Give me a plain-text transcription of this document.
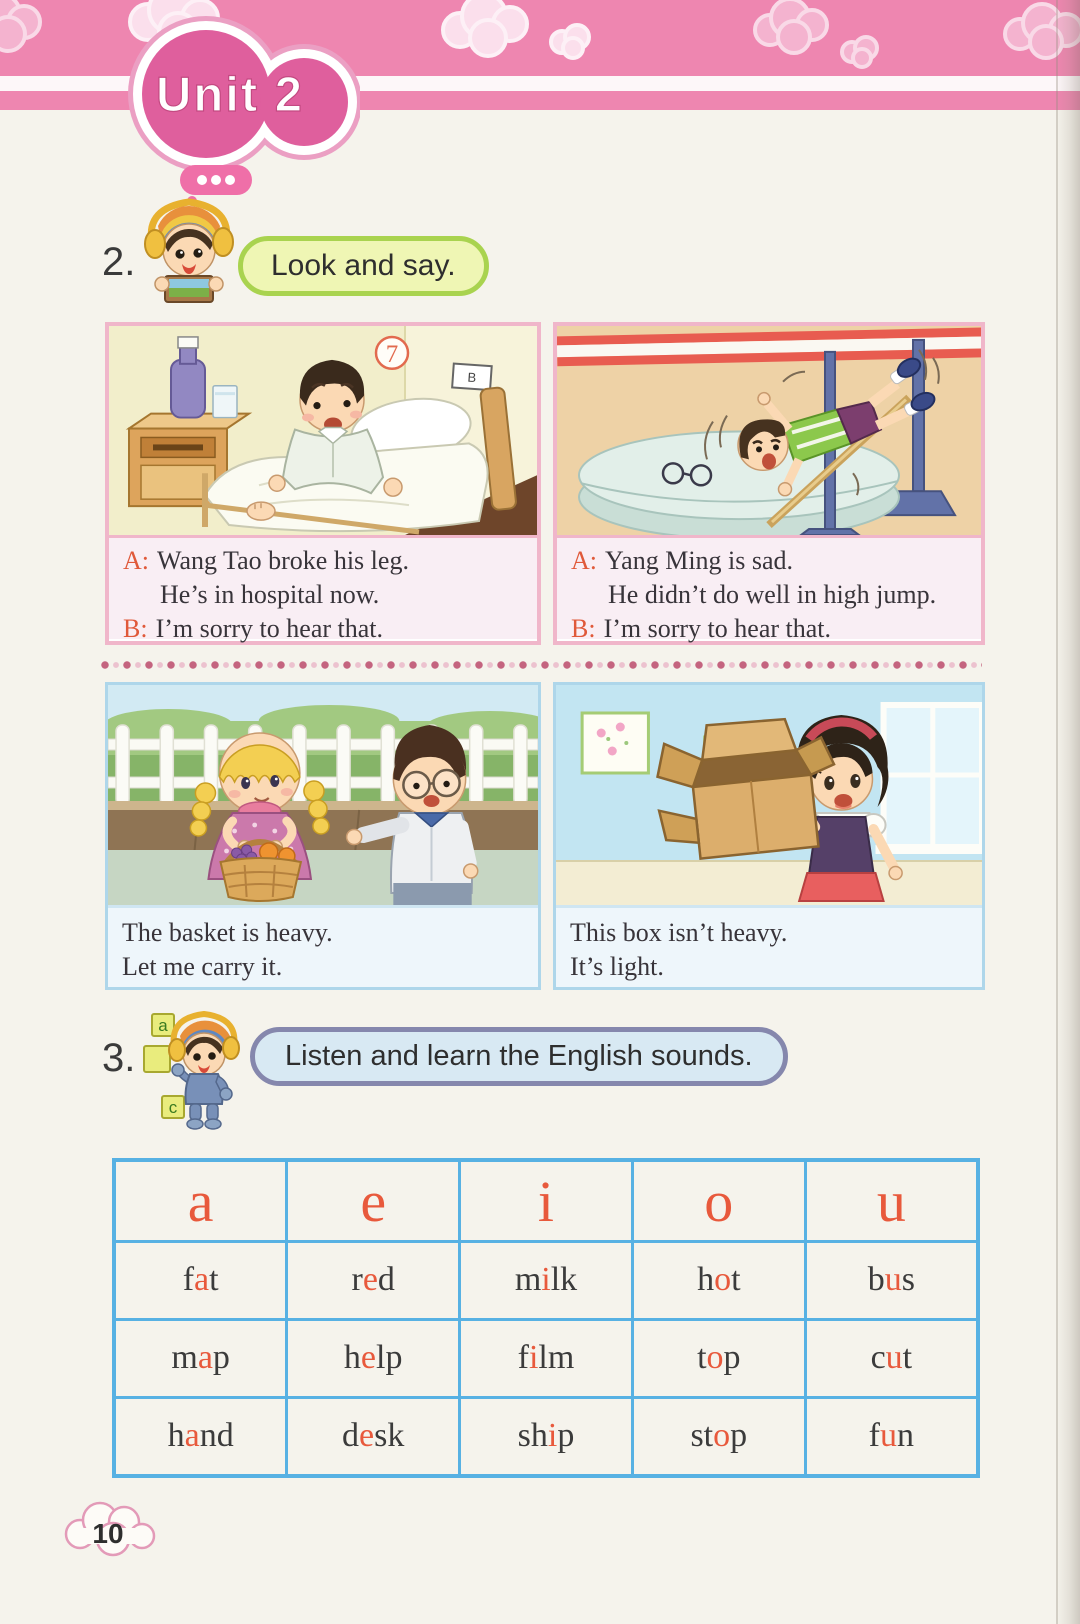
Unit 2
2.	Look and say.
7
B
A: Wang Tao broke his leg.
He’s in hospital now.
B: I’m sorry to hear that.
A: Yang Ming is sad.
He didn’t do well in high jump.
B: I’m sorry to hear that.
The basket is heavy.
Let me carry it.
This box isn’t heavy.
It’s light.
3.
a
c
Listen and learn the English sounds.
a	e	i	o	u
fat	red	milk	hot	bus
map	help	film	top	cut
hand	desk	ship	stop	fun
10
